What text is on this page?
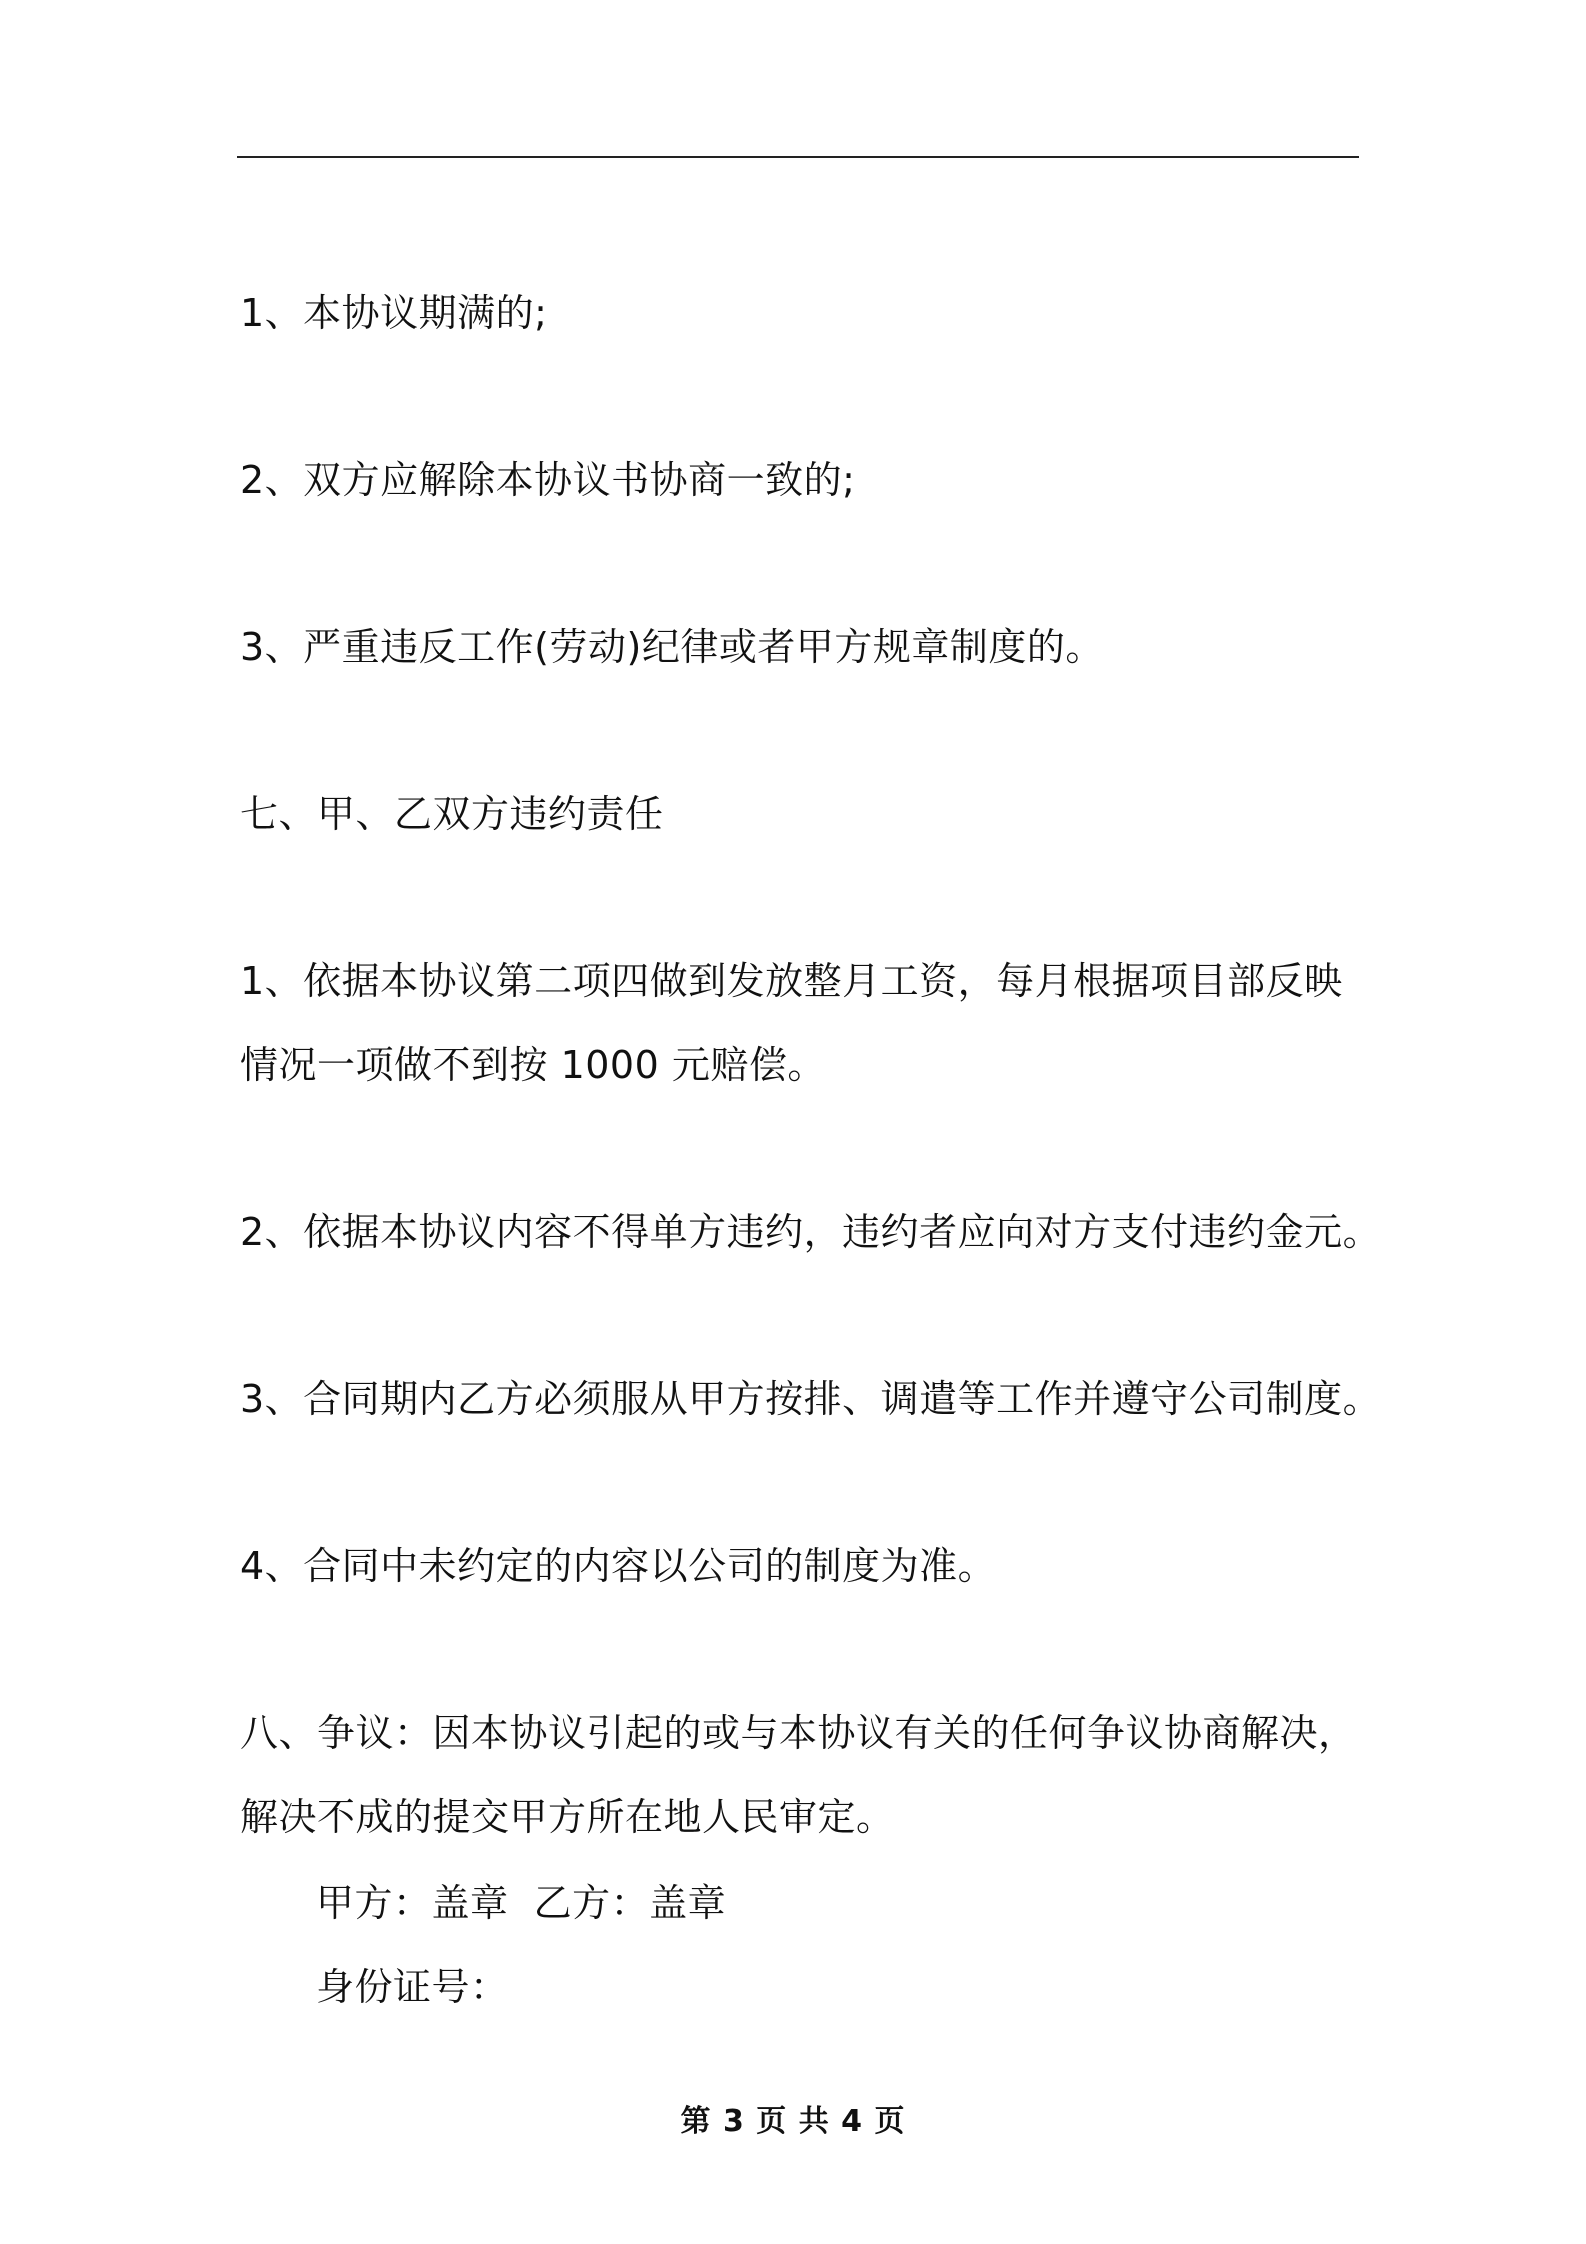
1、本协议期满的;
2、双方应解除本协议书协商一致的;
3、严重违反工作(劳动)纪律或者甲方规章制度的。
七、甲、乙双方违约责任
1、依据本协议第二项四做到发放整月工资，每月根据项目部反映情况一项做不到按 1000 元赔偿。
2、依据本协议内容不得单方违约，违约者应向对方支付违约金元。
3、合同期内乙方必须服从甲方按排、调遣等工作并遵守公司制度。
4、合同中未约定的内容以公司的制度为准。
八、争议：因本协议引起的或与本协议有关的任何争议协商解决，解决不成的提交甲方所在地人民审定。
甲方：盖章  乙方：盖章
身份证号：
第 3 页 共 4 页
